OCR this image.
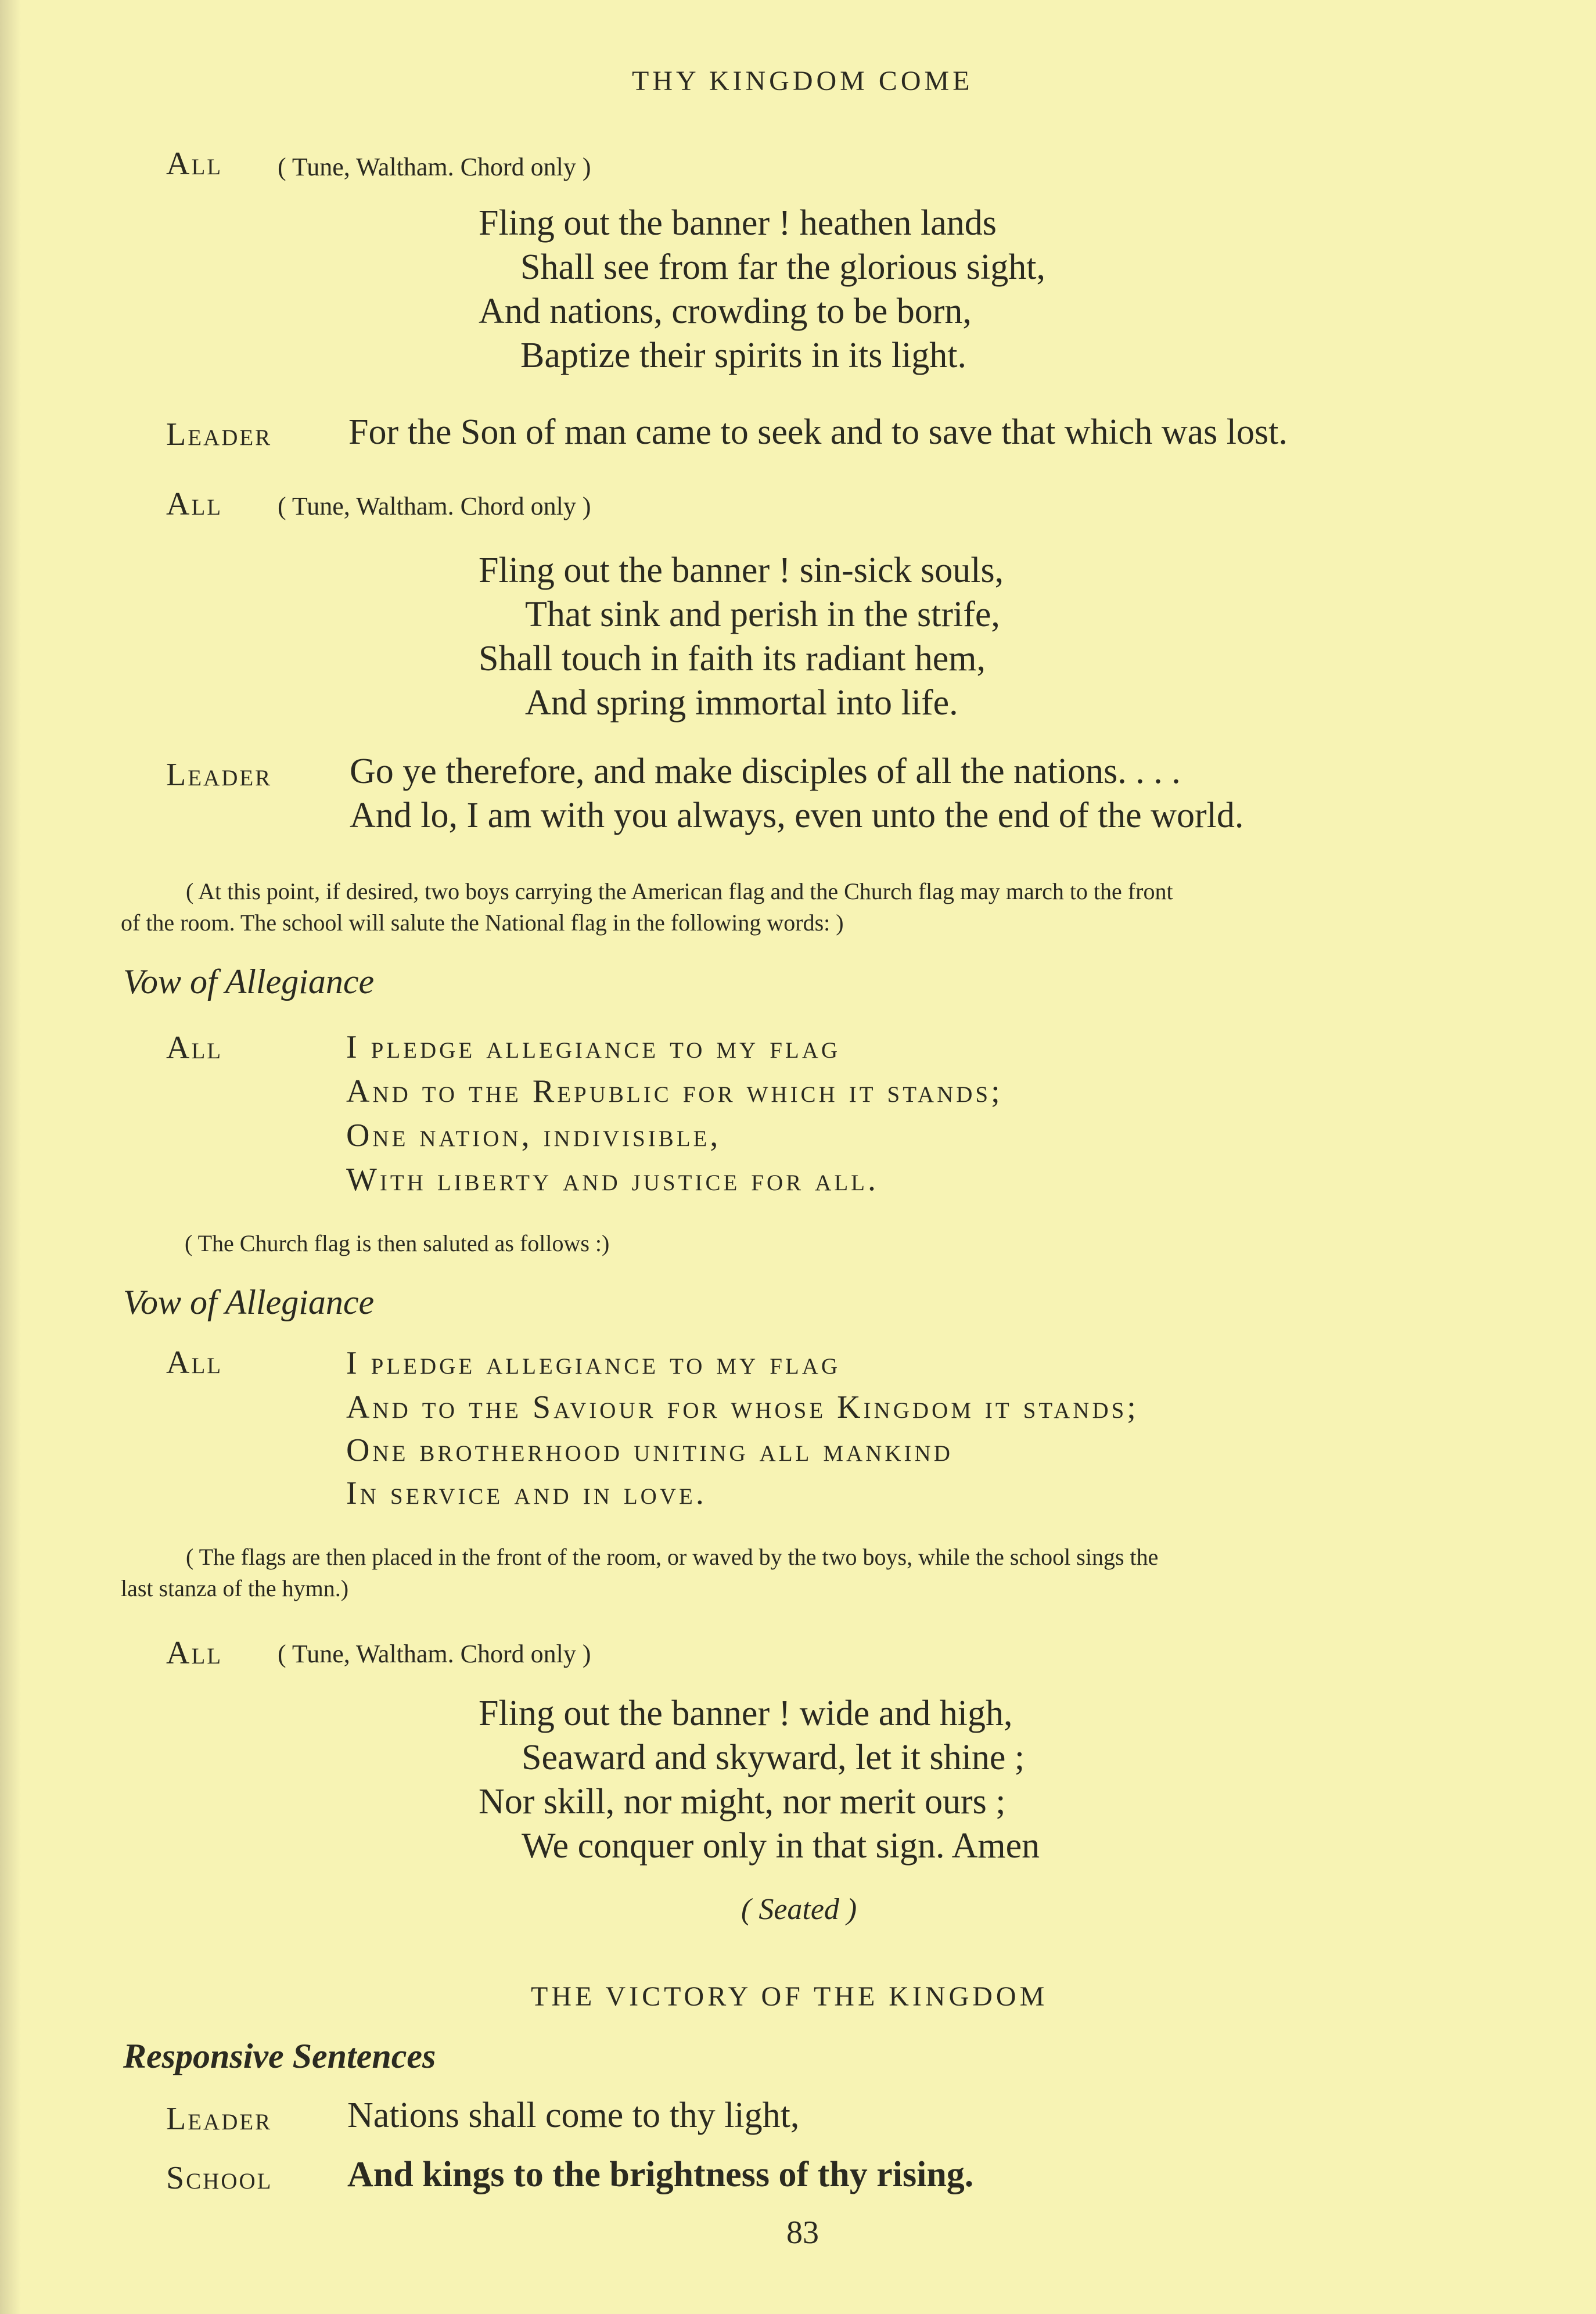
THY KINGDOM COME
All ( Tune, Waltham. Chord only )
Fling out the banner ! heathen lands
Shall see from far the glorious sight,
And nations, crowding to be born,
Baptize their spirits in its light.
Leader For the Son of man came to seek and to save that which was lost.
All ( Tune, Waltham. Chord only )
Fling out the banner ! sin-sick souls,
That sink and perish in the strife,
Shall touch in faith its radiant hem,
And spring immortal into life.
Leader Go ye therefore, and make disciples of all the nations. . . .
And lo, I am with you always, even unto the end of the world.
( At this point, if desired, two boys carrying the American flag and the Church flag may march to the front
of the room. The school will salute the National flag in the following words: )
Vow of Allegiance
All	I pledge allegiance to my flag
And to the Republic for which it stands;
One nation, indivisible,
With liberty and justice for all.
( The Church flag is then saluted as follows :)
Vow of Allegiance
All	I pledge allegiance to my flag
And to the Saviour for whose Kingdom it stands;
One brotherhood uniting all mankind
In service and in love.
( The flags are then placed in the front of the room, or waved by the two boys, while the school sings the
last stanza of the hymn.)
All ( Tune, Waltham. Chord only )
Fling out the banner ! wide and high,
Seaward and skyward, let it shine ;
Nor skill, nor might, nor merit ours ;
We conquer only in that sign. Amen
( Seated )
THE VICTORY OF THE KINGDOM
Responsive Sentences
Leader Nations shall come to thy light,
School And kings to the brightness of thy rising.
83
